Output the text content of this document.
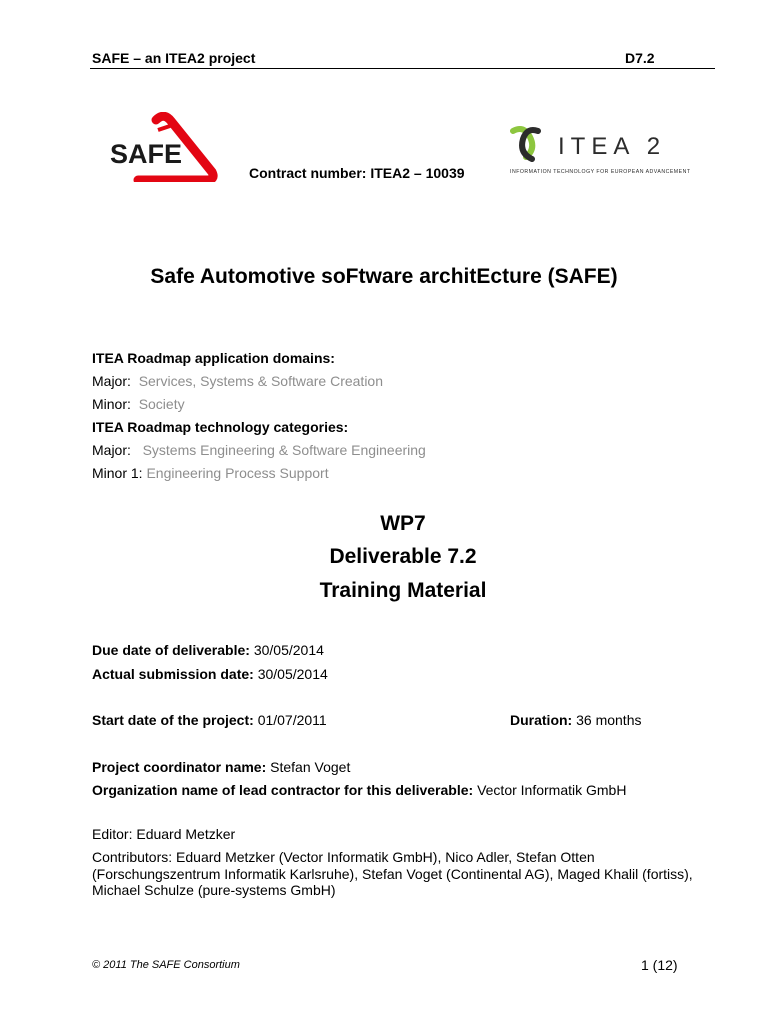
SAFE – an ITEA2 project	D7.2
SAFE	ITEA 2
INFORMATION TECHNOLOGY FOR EUROPEAN ADVANCEMENT
Contract number: ITEA2 – 10039
Safe Automotive soFtware architEcture (SAFE)
ITEA Roadmap application domains:
Major: Services, Systems & Software Creation
Minor: Society
ITEA Roadmap technology categories:
Major: Systems Engineering & Software Engineering
Minor 1: Engineering Process Support
WP7
Deliverable 7.2
Training Material
Due date of deliverable: 30/05/2014
Actual submission date: 30/05/2014
Start date of the project: 01/07/2011	Duration: 36 months
Project coordinator name: Stefan Voget
Organization name of lead contractor for this deliverable: Vector Informatik GmbH
Editor: Eduard Metzker
Contributors: Eduard Metzker (Vector Informatik GmbH), Nico Adler, Stefan Otten (Forschungszentrum Informatik Karlsruhe), Stefan Voget (Continental AG), Maged Khalil (fortiss), Michael Schulze (pure-systems GmbH)
© 2011 The SAFE Consortium	1 (12)
